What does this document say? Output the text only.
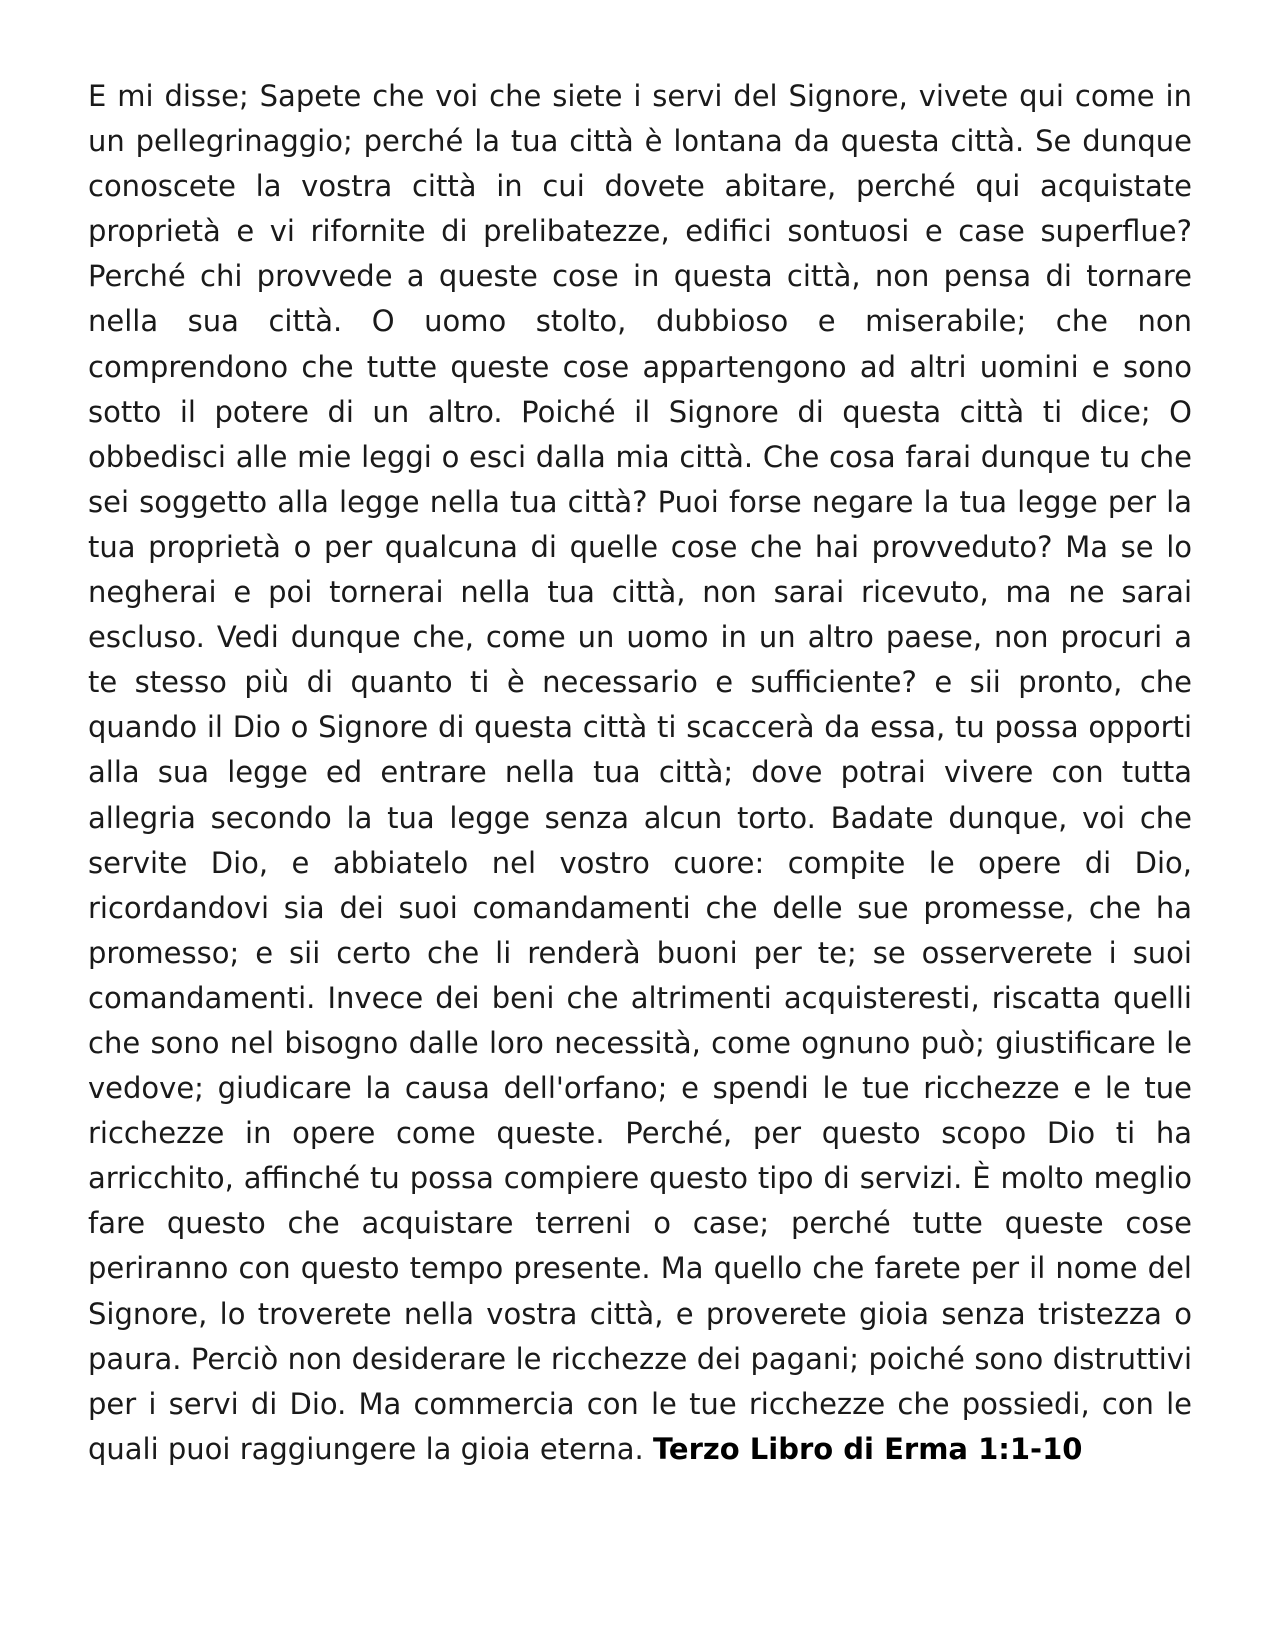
E mi disse; Sapete che voi che siete i servi del Signore, vivete qui come in un pellegrinaggio; perché la tua città è lontana da questa città. Se dunque conoscete la vostra città in cui dovete abitare, perché qui acquistate proprietà e vi rifornite di prelibatezze, edifici sontuosi e case superflue? Perché chi provvede a queste cose in questa città, non pensa di tornare nella sua città. O uomo stolto, dubbioso e miserabile; che non comprendono che tutte queste cose appartengono ad altri uomini e sono sotto il potere di un altro. Poiché il Signore di questa città ti dice; O obbedisci alle mie leggi o esci dalla mia città. Che cosa farai dunque tu che sei soggetto alla legge nella tua città? Puoi forse negare la tua legge per la tua proprietà o per qualcuna di quelle cose che hai provveduto? Ma se lo negherai e poi tornerai nella tua città, non sarai ricevuto, ma ne sarai escluso. Vedi dunque che, come un uomo in un altro paese, non procuri a te stesso più di quanto ti è necessario e sufficiente? e sii pronto, che quando il Dio o Signore di questa città ti scaccerà da essa, tu possa opporti alla sua legge ed entrare nella tua città; dove potrai vivere con tutta allegria secondo la tua legge senza alcun torto. Badate dunque, voi che servite Dio, e abbiatelo nel vostro cuore: compite le opere di Dio, ricordandovi sia dei suoi comandamenti che delle sue promesse, che ha promesso; e sii certo che li renderà buoni per te; se osserverete i suoi comandamenti. Invece dei beni che altrimenti acquisteresti, riscatta quelli che sono nel bisogno dalle loro necessità, come ognuno può; giustificare le vedove; giudicare la causa dell'orfano; e spendi le tue ricchezze e le tue ricchezze in opere come queste. Perché, per questo scopo Dio ti ha arricchito, affinché tu possa compiere questo tipo di servizi. È molto meglio fare questo che acquistare terreni o case; perché tutte queste cose periranno con questo tempo presente. Ma quello che farete per il nome del Signore, lo troverete nella vostra città, e proverete gioia senza tristezza o paura. Perciò non desiderare le ricchezze dei pagani; poiché sono distruttivi per i servi di Dio. Ma commercia con le tue ricchezze che possiedi, con le quali puoi raggiungere la gioia eterna. Terzo Libro di Erma 1:1-10
